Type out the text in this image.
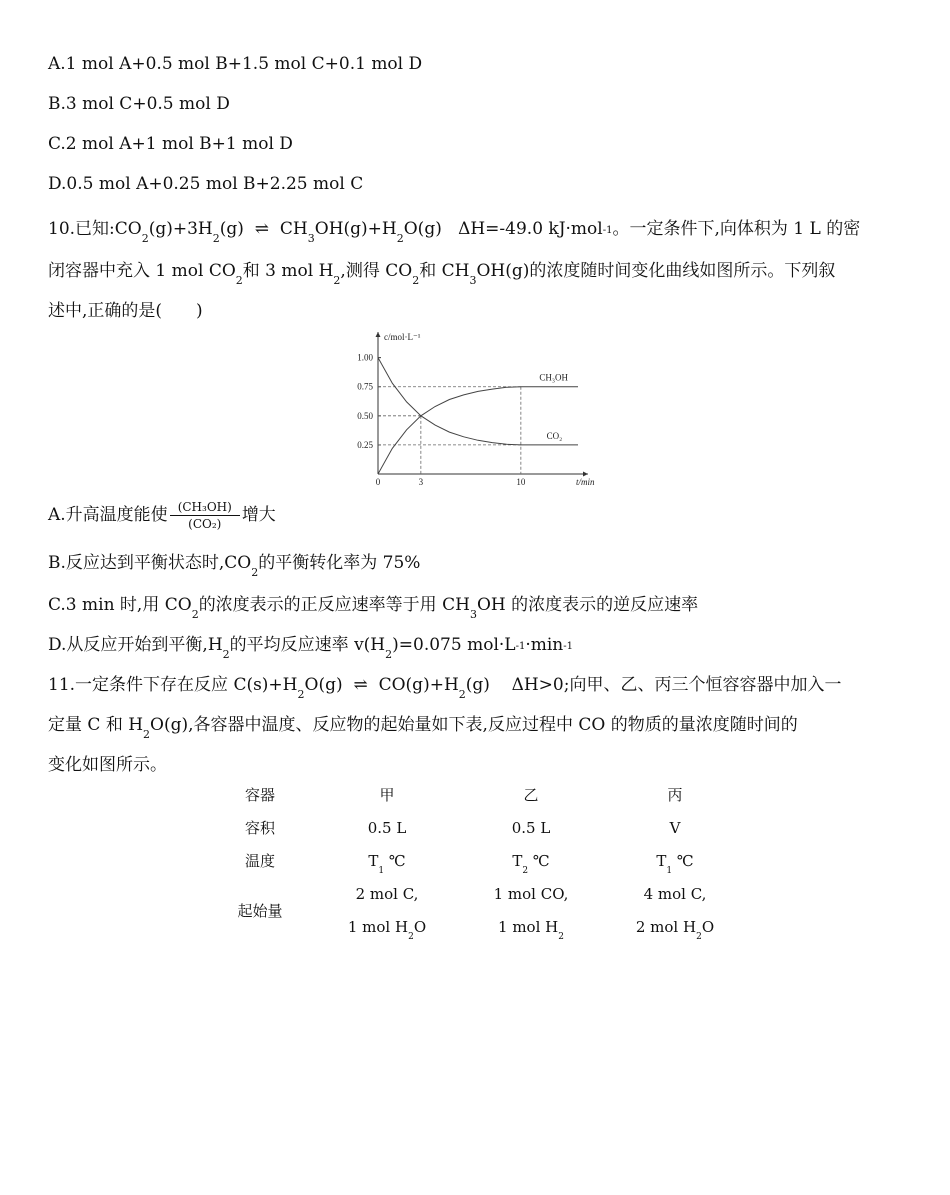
A.1 mol A+0.5 mol B+1.5 mol C+0.1 mol D
B.3 mol C+0.5 mol D
C.2 mol A+1 mol B+1 mol D
D.0.5 mol A+0.25 mol B+2.25 mol C
10.已知$:CO_2(g)+3H_2(g)$ ⇌ $CH_3OH(g)+H_2O(g)$ ΔH=-49.0 kJ·mol-1。一定条件下,向体积为 1 L 的密
闭容器中充入 1 mol $CO_2$和 3 mol $H_2$,测得 $CO_2$和 $CH_3OH(g)$的浓度随时间变化曲线如图所示。下列叙
述中,正确的是(　　)
0.25
0.50
0.75
1.00
0	3	10
c/mol·L⁻¹
t/min
CH₃OH
CO₂
A.升高温度能使 $\frac{\text{(CH₃OH)}}{\text{(CO₂)}}$ 增大
B.反应达到平衡状态时$,CO_2$的平衡转化率为 75%
C.3 min 时,用 $CO_2$的浓度表示的正反应速率等于用 $CH_3OH$ 的浓度表示的逆反应速率
D.从反应开始到平衡$,H_2$的平均反应速率 $v(H_2)=0.075$ mol·L-1·min-1
11.一定条件下存在反应 $C(s)+H_2O(g)$ ⇌ $CO(g)+H_2(g)$ ΔH>0;向甲、乙、丙三个恒容容器中加入一
定量 C 和 $H_2O(g)$,各容器中温度、反应物的起始量如下表,反应过程中 CO 的物质的量浓度随时间的
变化如图所示。
容器	甲	乙	丙
容积	0.5 L	0.5 L	V
温度	$T_1$ ℃	$T_2$ ℃	$T_1$ ℃
起始量	2 mol C,	1 mol CO,	4 mol C,
	1 mol $H_2O$	1 mol $H_2$	2 mol $H_2O$
